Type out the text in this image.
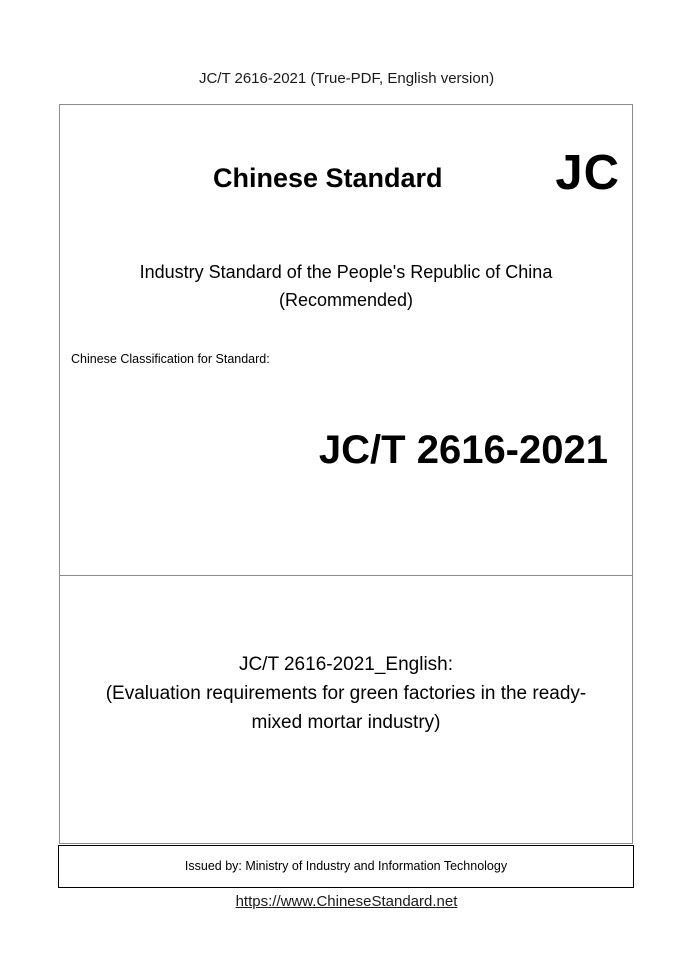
JC/T 2616-2021 (True-PDF, English version)
Chinese Standard JC
Industry Standard of the People's Republic of China
(Recommended)
Chinese Classification for Standard:
JC/T 2616-2021
JC/T 2616-2021_English:
(Evaluation requirements for green factories in the ready-
mixed mortar industry)
Issued by: Ministry of Industry and Information Technology
https://www.ChineseStandard.net
